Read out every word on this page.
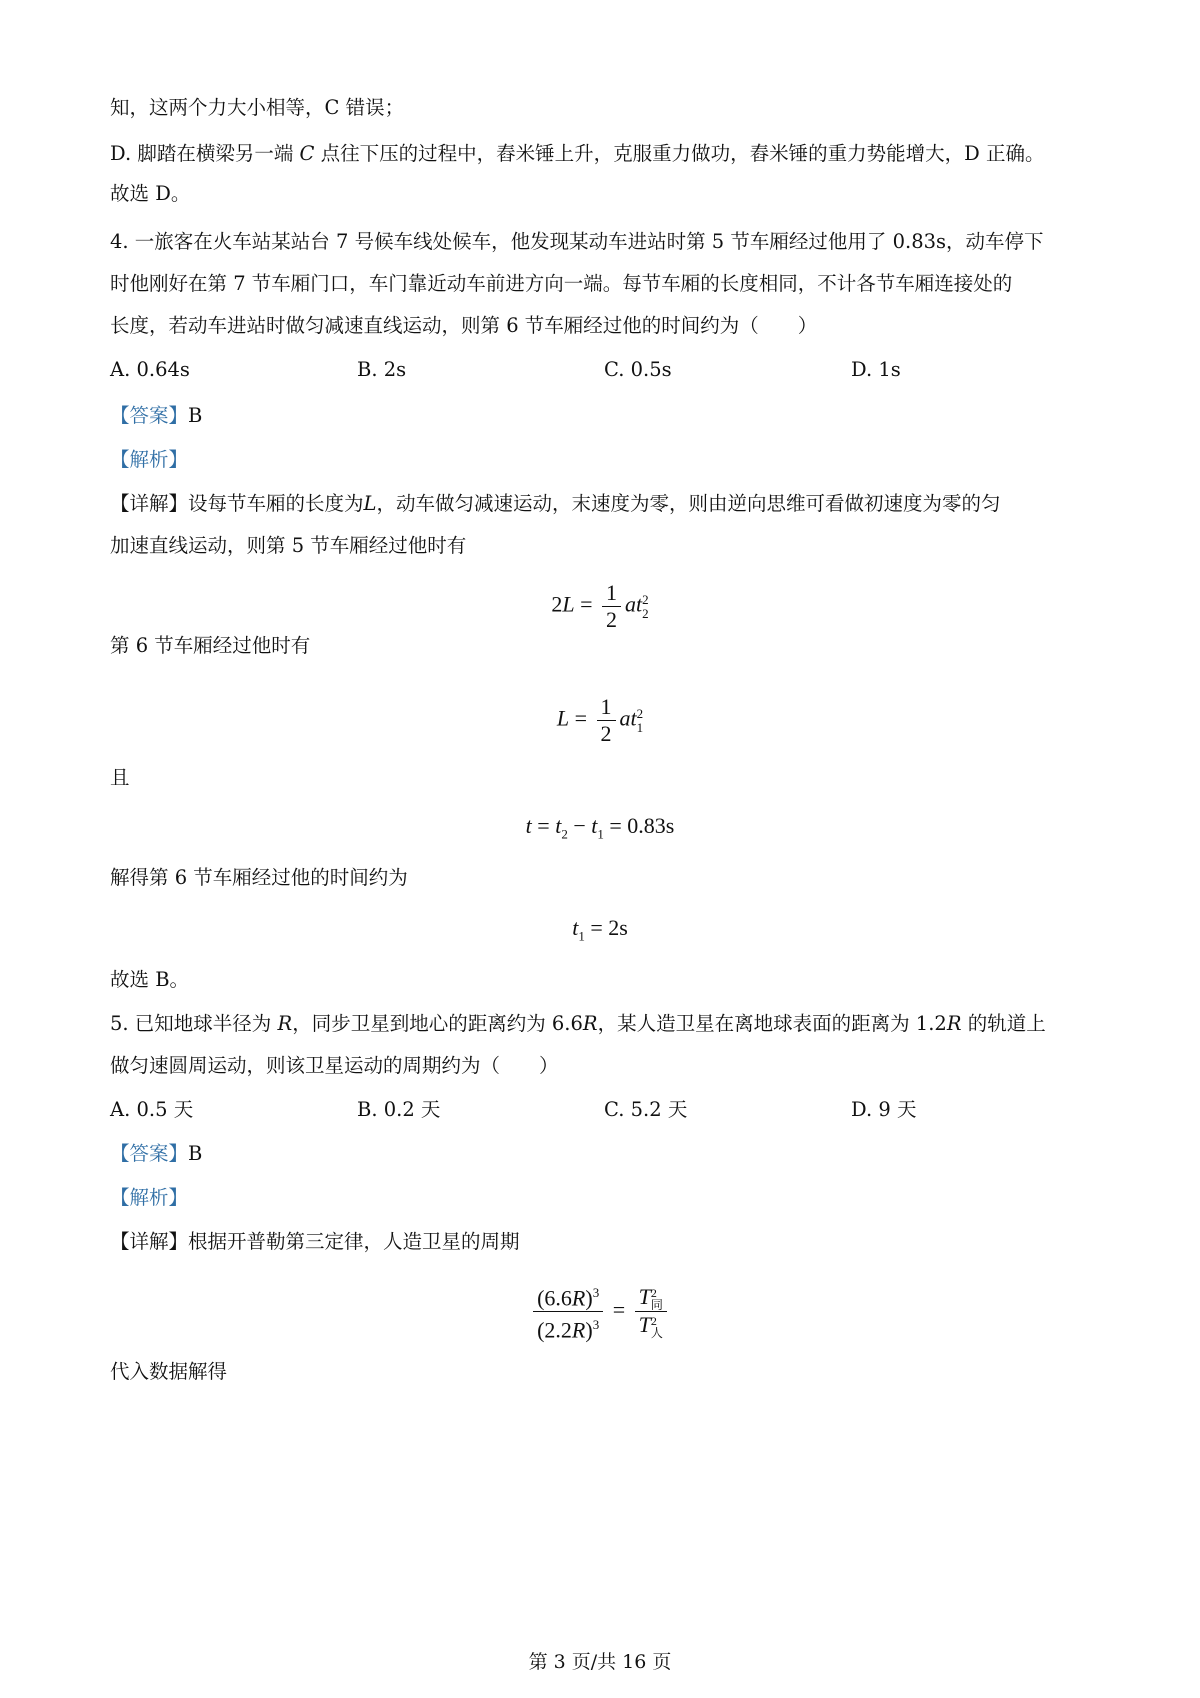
知，这两个力大小相等，C 错误；
D. 脚踏在横梁另一端 C 点往下压的过程中，舂米锤上升，克服重力做功，舂米锤的重力势能增大，D 正确。
故选 D。
4. 一旅客在火车站某站台 7 号候车线处候车，他发现某动车进站时第 5 节车厢经过他用了 0.83s，动车停下
时他刚好在第 7 节车厢门口，车门靠近动车前进方向一端。每节车厢的长度相同，不计各节车厢连接处的
长度，若动车进站时做匀减速直线运动，则第 6 节车厢经过他的时间约为（　　）
A. 0.64s	B. 2s	C. 0.5s	D. 1s
【答案】B
【解析】
【详解】设每节车厢的长度为L，动车做匀减速运动，末速度为零，则由逆向思维可看做初速度为零的匀
加速直线运动，则第 5 节车厢经过他时有
$2L = \frac{1}{2}$ at 2
2
第 6 节车厢经过他时有
$L = \frac{1}{2}$ at 2
1
且
$t = t_2 - t_1 = 0.83s$
解得第 6 节车厢经过他的时间约为
$t_1 = 2s$
故选 B。
5. 已知地球半径为 R，同步卫星到地心的距离约为 6.6R，某人造卫星在离地球表面的距离为 1.2R 的轨道上
做匀速圆周运动，则该卫星运动的周期约为（　　）
A. 0.5 天	B. 0.2 天	C. 5.2 天	D. 9 天
【答案】B
【解析】
【详解】根据开普勒第三定律，人造卫星的周期
$\frac{(6.6R)^3}{(2.2R)^3} = T$ 2
同
T 2
人
代入数据解得
第 3 页/共 16 页
